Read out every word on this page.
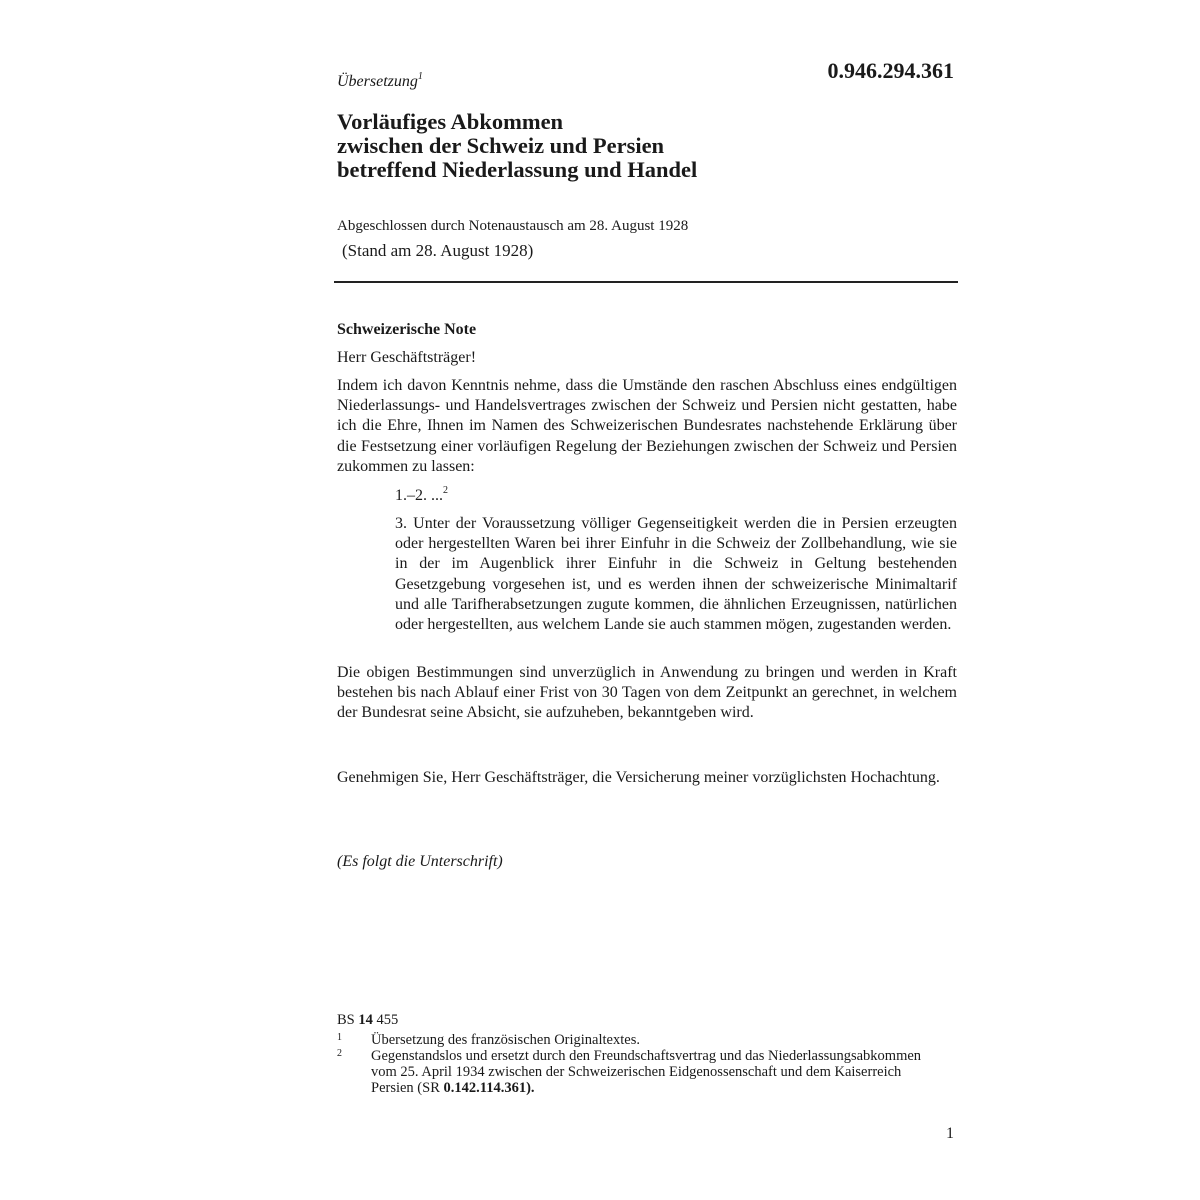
0.946.294.361
Übersetzung$^1$
Vorläufiges Abkommen
zwischen der Schweiz und Persien
betreffend Niederlassung und Handel
Abgeschlossen durch Notenaustausch am 28. August 1928
(Stand am 28. August 1928)

Schweizerische Note

Herr Geschäftsträger!

Indem ich davon Kenntnis nehme, dass die Umstände den raschen Abschluss eines endgültigen Niederlassungs- und Handelsvertrages zwischen der Schweiz und Persien nicht gestatten, habe ich die Ehre, Ihnen im Namen des Schweizerischen Bundesrates nachstehende Erklärung über die Festsetzung einer vorläufigen Regelung der Beziehungen zwischen der Schweiz und Persien zukommen zu lassen:

1.–2. ...$^2$

3. Unter der Voraussetzung völliger Gegenseitigkeit werden die in Persien erzeugten oder hergestellten Waren bei ihrer Einfuhr in die Schweiz der Zollbehandlung, wie sie in der im Augenblick ihrer Einfuhr in die Schweiz in Geltung bestehenden Gesetzgebung vorgesehen ist, und es werden ihnen der schweizerische Minimaltarif und alle Tarifherabsetzungen zugute kommen, die ähnlichen Erzeugnissen, natürlichen oder hergestellten, aus welchem Lande sie auch stammen mögen, zugestanden werden.

Die obigen Bestimmungen sind unverzüglich in Anwendung zu bringen und werden in Kraft bestehen bis nach Ablauf einer Frist von 30 Tagen von dem Zeitpunkt an gerechnet, in welchem der Bundesrat seine Absicht, sie aufzuheben, bekanntgeben wird.

Genehmigen Sie, Herr Geschäftsträger, die Versicherung meiner vorzüglichsten Hochachtung.

(Es folgt die Unterschrift)

BS 14 455
1	Übersetzung des französischen Originaltextes.
2	Gegenstandslos und ersetzt durch den Freundschaftsvertrag und das Niederlassungsabkommen vom 25. April 1934 zwischen der Schweizerischen Eidgenossenschaft und dem Kaiserreich Persien (SR 0.142.114.361).
1
